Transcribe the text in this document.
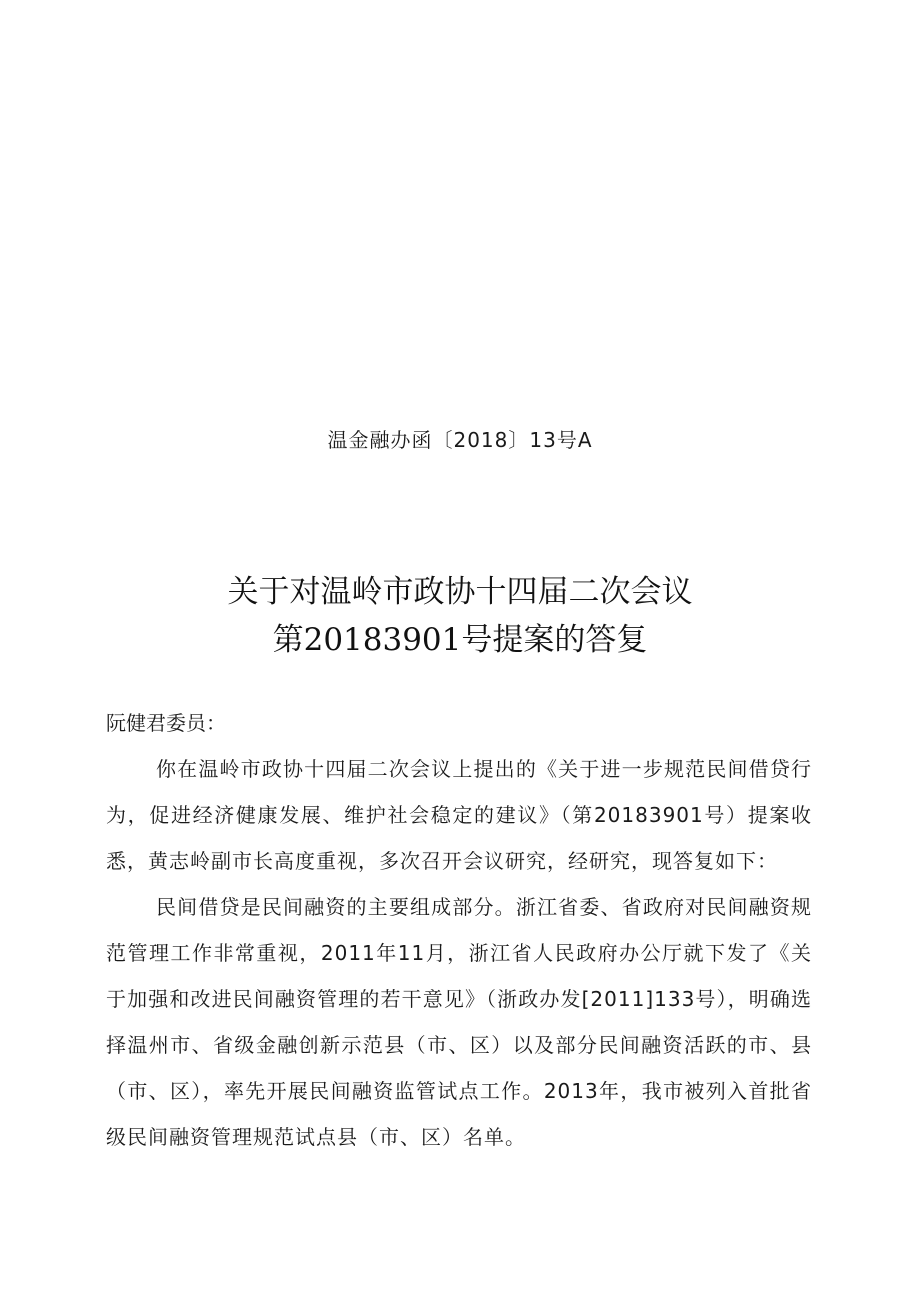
温金融办函〔2018〕13号A
关于对温岭市政协十四届二次会议
第20183901号提案的答复
阮健君委员：
你在温岭市政协十四届二次会议上提出的《关于进一步规范民间借贷行为，促进经济健康发展、维护社会稳定的建议》（第20183901号）提案收悉，黄志岭副市长高度重视，多次召开会议研究，经研究，现答复如下：
民间借贷是民间融资的主要组成部分。浙江省委、省政府对民间融资规范管理工作非常重视，2011年11月，浙江省人民政府办公厅就下发了《关于加强和改进民间融资管理的若干意见》（浙政办发[2011]133号），明确选择温州市、省级金融创新示范县（市、区）以及部分民间融资活跃的市、县（市、区），率先开展民间融资监管试点工作。2013年，我市被列入首批省级民间融资管理规范试点县（市、区）名单。
